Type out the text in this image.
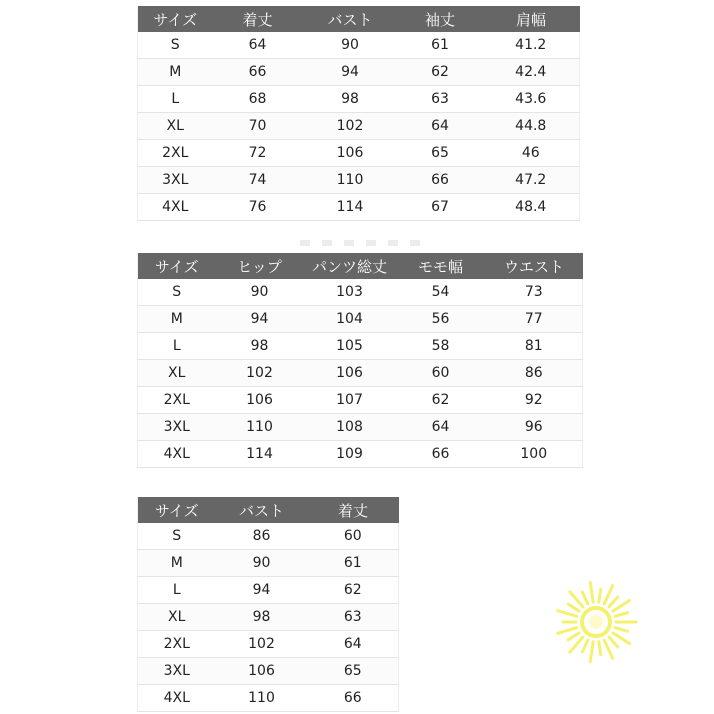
サイズ	着丈	バスト	袖丈	肩幅
S	64	90	61	41.2
M	66	94	62	42.4
L	68	98	63	43.6
XL	70	102	64	44.8
2XL	72	106	65	46
3XL	74	110	66	47.2
4XL	76	114	67	48.4
サイズ	ヒップ	パンツ総丈	モモ幅	ウエスト
S	90	103	54	73
M	94	104	56	77
L	98	105	58	81
XL	102	106	60	86
2XL	106	107	62	92
3XL	110	108	64	96
4XL	114	109	66	100
サイズ	バスト	着丈
S	86	60
M	90	61
L	94	62
XL	98	63
2XL	102	64
3XL	106	65
4XL	110	66
